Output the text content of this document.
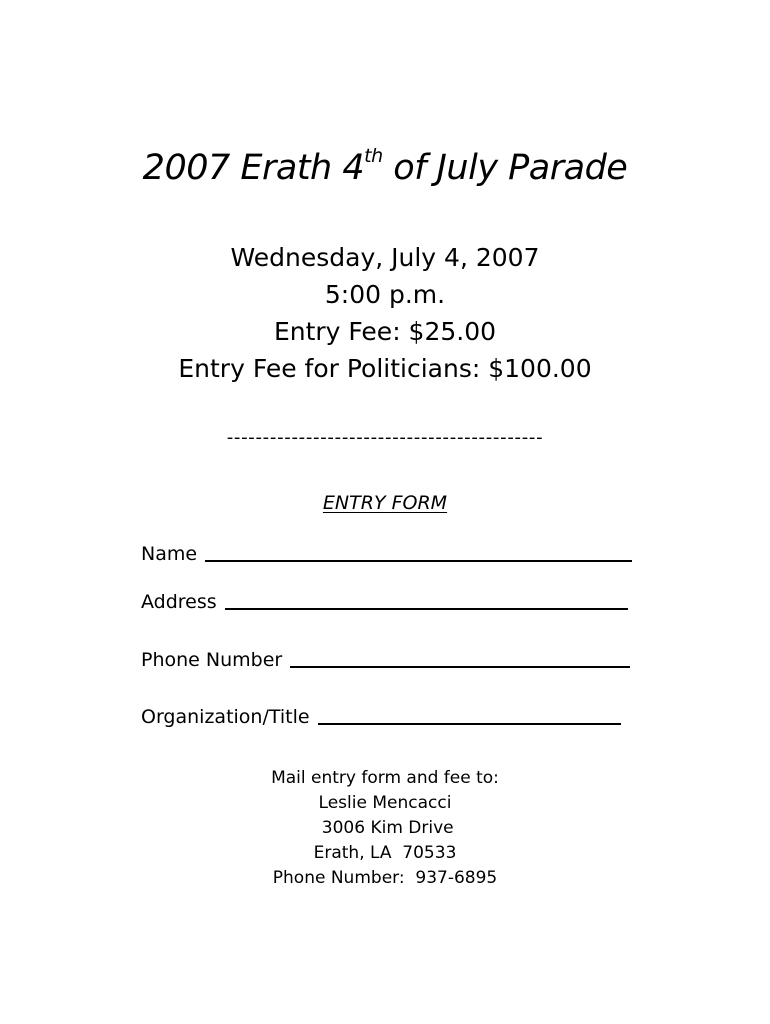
2007 Erath 4th of July Parade
Wednesday, July 4, 2007
5:00 p.m.
Entry Fee: $25.00
Entry Fee for Politicians: $100.00
--------------------------------------------
ENTRY FORM
Name
Address
Phone Number
Organization/Title
Mail entry form and fee to:
Leslie Mencacci
3006 Kim Drive
Erath, LA  70533
Phone Number:  937-6895
